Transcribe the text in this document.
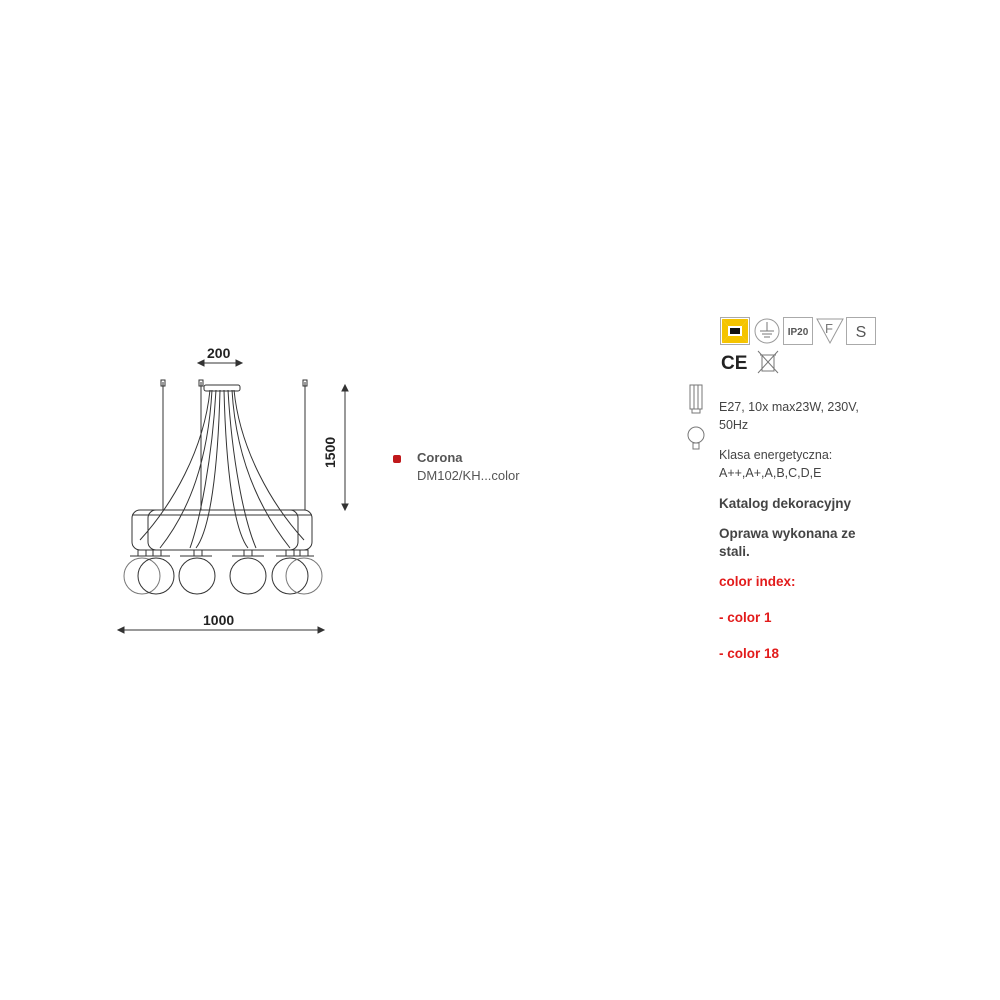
200
1500
1000
Corona
DM102/KH...color
IP20 F S
CE
E27, 10x max23W, 230V,
50Hz
Klasa energetyczna:
A++,A+,A,B,C,D,E
Katalog dekoracyjny
Oprawa wykonana ze
stali.
color index:
- color 1
- color 18
